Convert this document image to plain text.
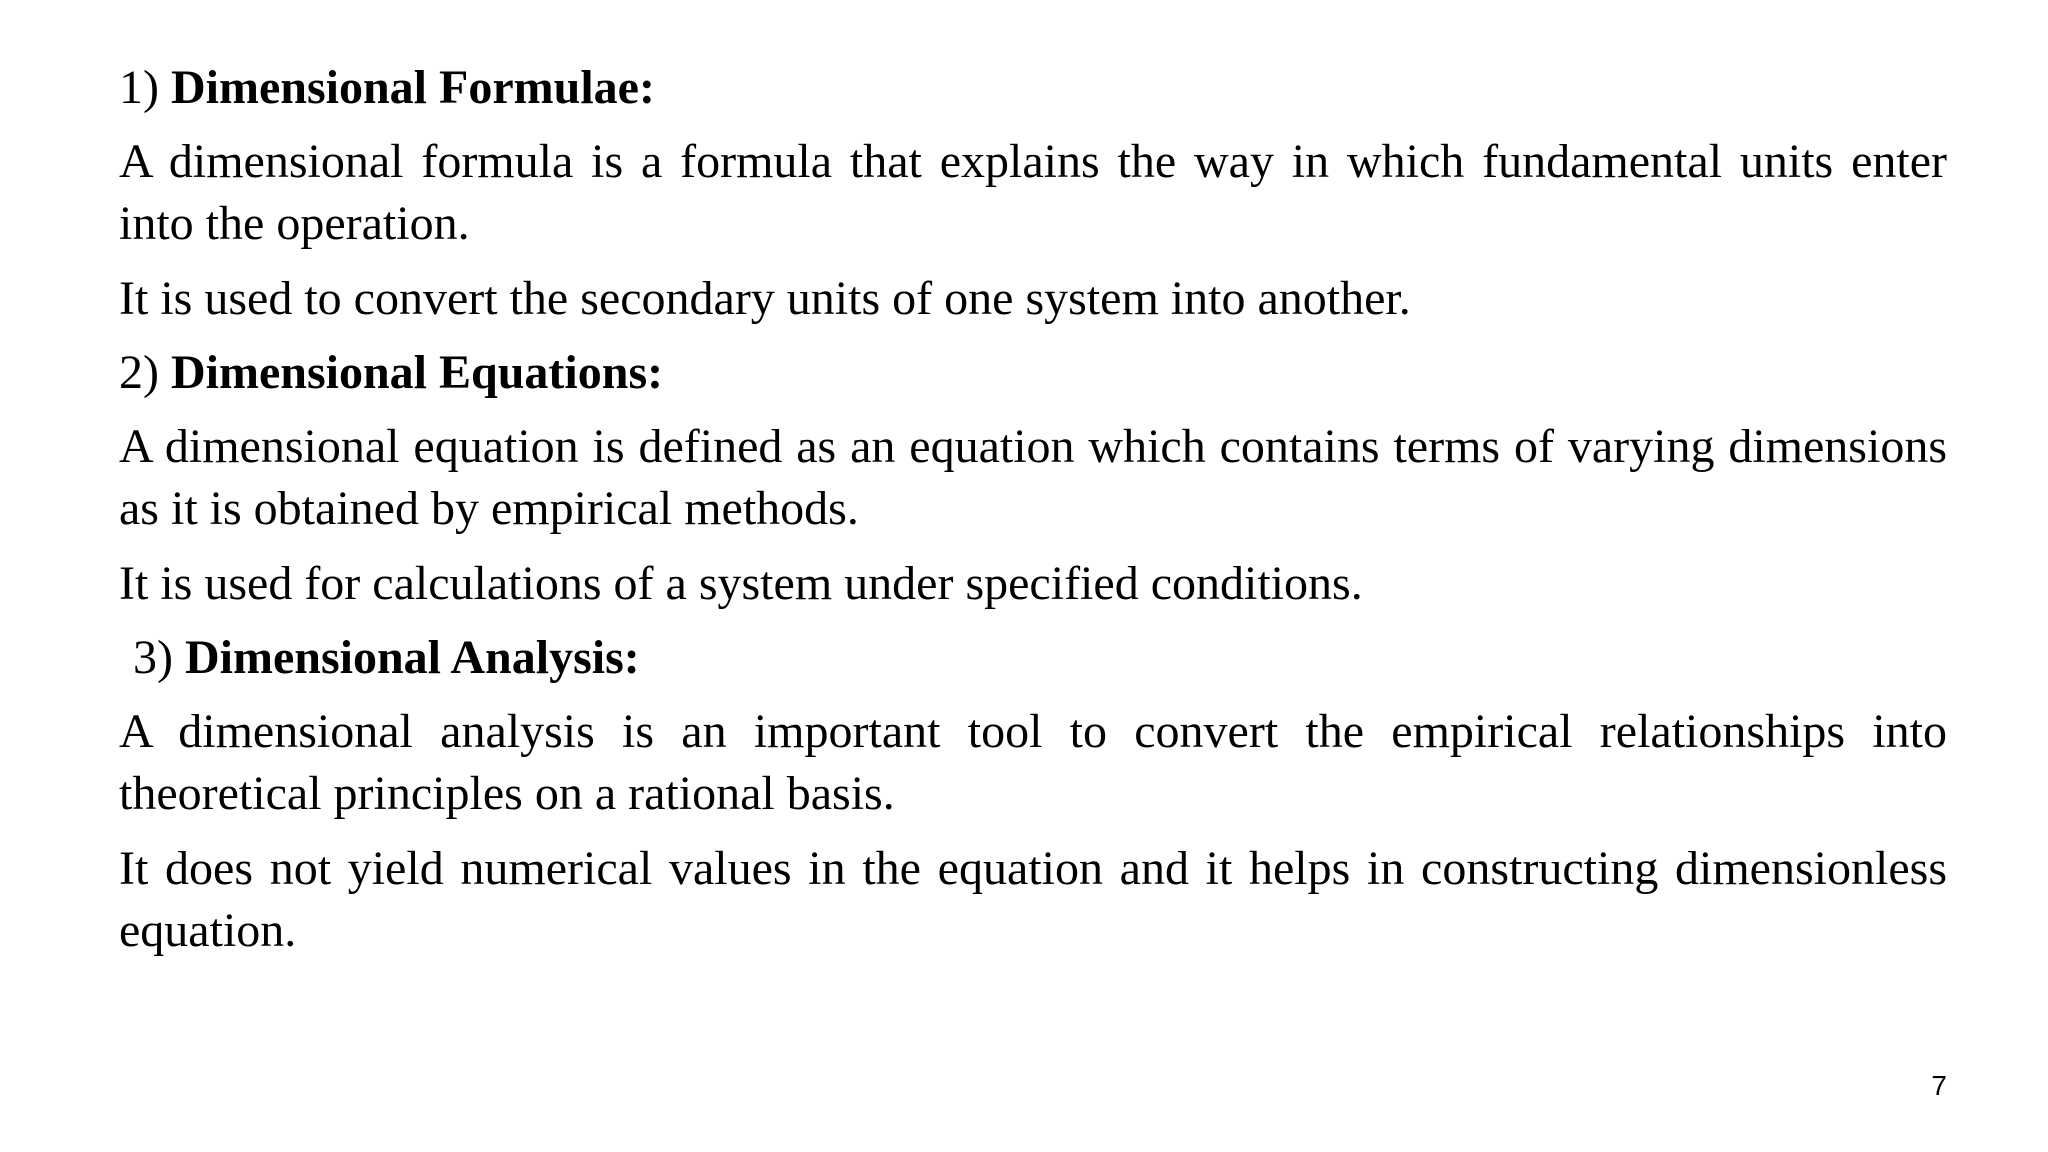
1) Dimensional Formulae:

A dimensional formula is a formula that explains the way in which fundamental units enter into the operation.

It is used to convert the secondary units of one system into another.

2) Dimensional Equations:

A dimensional equation is defined as an equation which contains terms of varying dimensions as it is obtained by empirical methods.

It is used for calculations of a system under specified conditions.

3) Dimensional Analysis:

A dimensional analysis is an important tool to convert the empirical relationships into theoretical principles on a rational basis.

It does not yield numerical values in the equation and it helps in constructing dimensionless equation.

7
